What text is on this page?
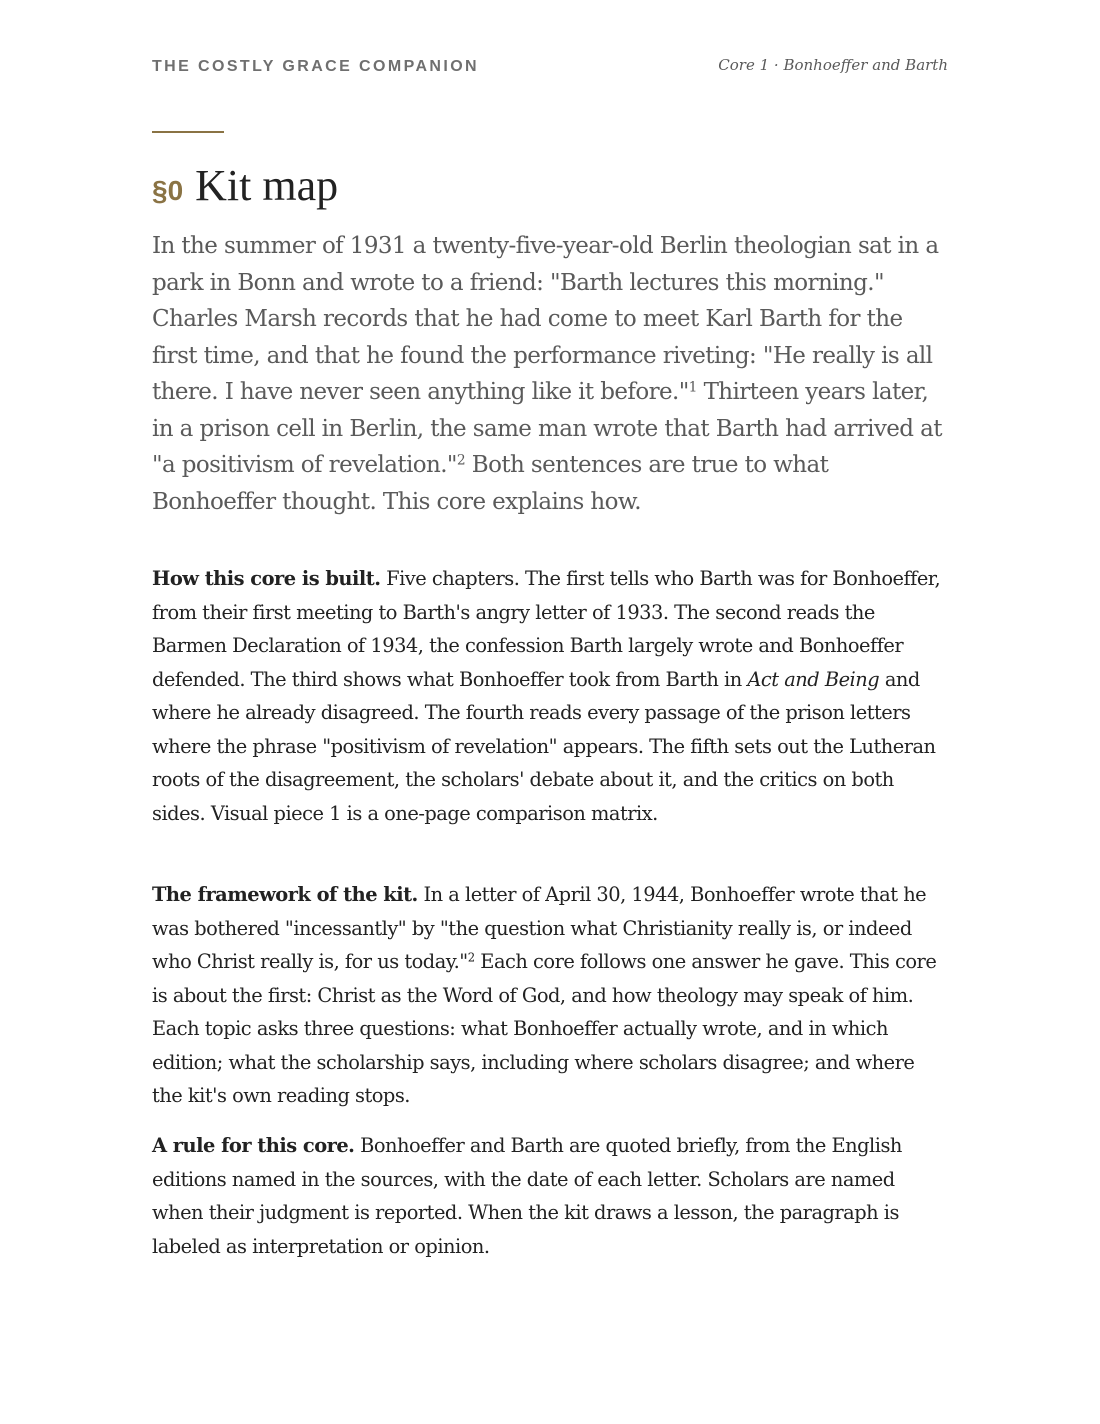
THE COSTLY GRACE COMPANION	Core 1 · Bonhoeffer and Barth
§0 Kit map

In the summer of 1931 a twenty-five-year-old Berlin theologian sat in a park in Bonn and wrote to a friend: "Barth lectures this morning." Charles Marsh records that he had come to meet Karl Barth for the first time, and that he found the performance riveting: "He really is all there. I have never seen anything like it before."$^1$ Thirteen years later, in a prison cell in Berlin, the same man wrote that Barth had arrived at "a positivism of revelation."$^2$ Both sentences are true to what Bonhoeffer thought. This core explains how.

How this core is built. Five chapters. The first tells who Barth was for Bonhoeffer, from their first meeting to Barth's angry letter of 1933. The second reads the Barmen Declaration of 1934, the confession Barth largely wrote and Bonhoeffer defended. The third shows what Bonhoeffer took from Barth in Act and Being and where he already disagreed. The fourth reads every passage of the prison letters where the phrase "positivism of revelation" appears. The fifth sets out the Lutheran roots of the disagreement, the scholars' debate about it, and the critics on both sides. Visual piece 1 is a one-page comparison matrix.

The framework of the kit. In a letter of April 30, 1944, Bonhoeffer wrote that he was bothered "incessantly" by "the question what Christianity really is, or indeed who Christ really is, for us today."$^2$ Each core follows one answer he gave. This core is about the first: Christ as the Word of God, and how theology may speak of him. Each topic asks three questions: what Bonhoeffer actually wrote, and in which edition; what the scholarship says, including where scholars disagree; and where the kit's own reading stops.

A rule for this core. Bonhoeffer and Barth are quoted briefly, from the English editions named in the sources, with the date of each letter. Scholars are named when their judgment is reported. When the kit draws a lesson, the paragraph is labeled as interpretation or opinion.
